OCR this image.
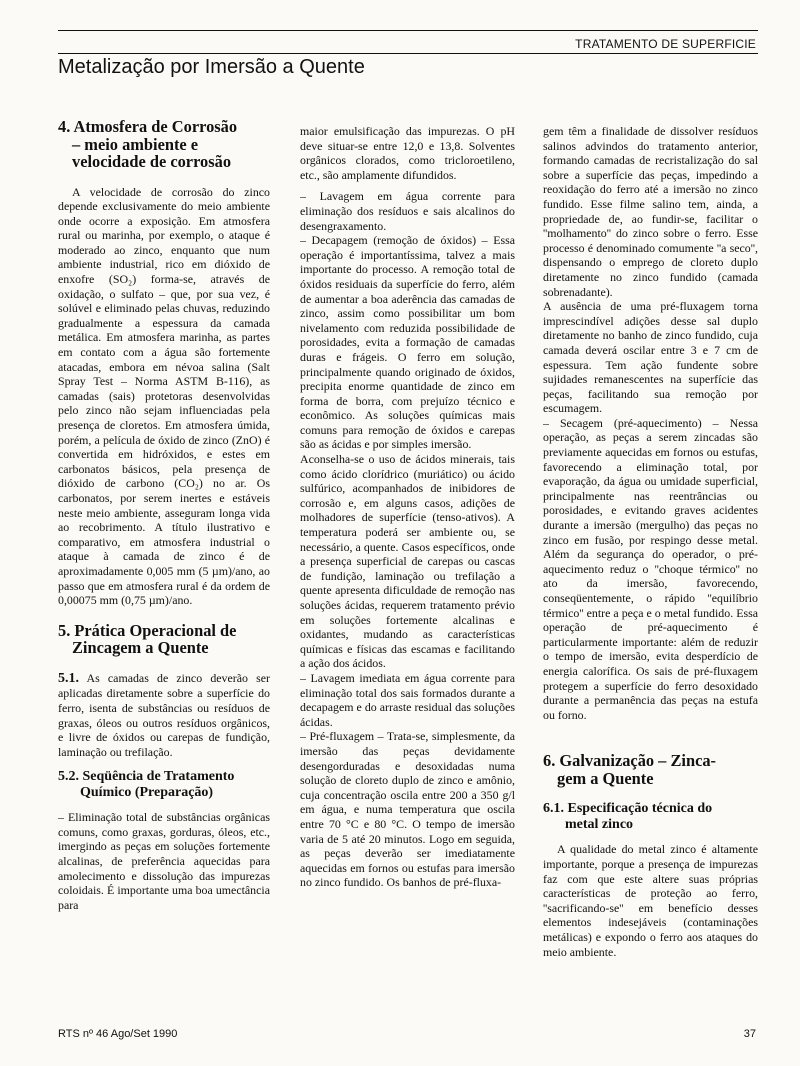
TRATAMENTO DE SUPERFICIE
Metalização por Imersão a Quente
4. Atmosfera de Corrosão
– meio ambiente e
velocidade de corrosão

A velocidade de corrosão do zinco depende exclusivamente do meio ambiente onde ocorre a exposição. Em atmosfera rural ou marinha, por exemplo, o ataque é moderado ao zinco, enquanto que num ambiente industrial, rico em dióxido de enxofre (SO₂) forma-se, através de oxidação, o sulfato – que, por sua vez, é solúvel e eliminado pelas chuvas, reduzindo gradualmente a espessura da camada metálica. Em atmosfera marinha, as partes em contato com a água são fortemente atacadas, embora em névoa salina (Salt Spray Test – Norma ASTM B-116), as camadas (sais) protetoras desenvolvidas pelo zinco não sejam influenciadas pela presença de cloretos. Em atmosfera úmida, porém, a película de óxido de zinco (ZnO) é convertida em hidróxidos, e estes em carbonatos básicos, pela presença de dióxido de carbono (CO₂) no ar. Os carbonatos, por serem inertes e estáveis neste meio ambiente, asseguram longa vida ao recobrimento. A título ilustrativo e comparativo, em atmosfera industrial o ataque à camada de zinco é de aproximadamente 0,005 mm (5 µm)/ano, ao passo que em atmosfera rural é da ordem de 0,00075 mm (0,75 µm)/ano.

5. Prática Operacional de
Zincagem a Quente

5.1. As camadas de zinco deverão ser aplicadas diretamente sobre a superfície do ferro, isenta de substâncias ou resíduos de graxas, óleos ou outros resíduos orgânicos, e livre de óxidos ou carepas de fundição, laminação ou trefilação.

5.2. Seqüência de Tratamento
Químico (Preparação)

– Eliminação total de substâncias orgânicas comuns, como graxas, gorduras, óleos, etc., imergindo as peças em soluções fortemente alcalinas, de preferência aquecidas para amolecimento e dissolução das impurezas coloidais. É importante uma boa umectância para

maior emulsificação das impurezas. O pH deve situar-se entre 12,0 e 13,8. Solventes orgânicos clorados, como tricloroetileno, etc., são amplamente difundidos.

– Lavagem em água corrente para eliminação dos resíduos e sais alcalinos do desengraxamento.

– Decapagem (remoção de óxidos) – Essa operação é importantíssima, talvez a mais importante do processo. A remoção total de óxidos residuais da superfície do ferro, além de aumentar a boa aderência das camadas de zinco, assim como possibilitar um bom nivelamento com reduzida possibilidade de porosidades, evita a formação de camadas duras e frágeis. O ferro em solução, principalmente quando originado de óxidos, precipita enorme quantidade de zinco em forma de borra, com prejuízo técnico e econômico. As soluções químicas mais comuns para remoção de óxidos e carepas são as ácidas e por simples imersão.

Aconselha-se o uso de ácidos minerais, tais como ácido clorídrico (muriático) ou ácido sulfúrico, acompanhados de inibidores de corrosão e, em alguns casos, adições de molhadores de superfície (tenso-ativos). A temperatura poderá ser ambiente ou, se necessário, a quente. Casos específicos, onde a presença superficial de carepas ou cascas de fundição, laminação ou trefilação a quente apresenta dificuldade de remoção nas soluções ácidas, requerem tratamento prévio em soluções fortemente alcalinas e oxidantes, mudando as características químicas e físicas das escamas e facilitando a ação dos ácidos.

– Lavagem imediata em água corrente para eliminação total dos sais formados durante a decapagem e do arraste residual das soluções ácidas.

– Pré-fluxagem – Trata-se, simplesmente, da imersão das peças devidamente desengorduradas e desoxidadas numa solução de cloreto duplo de zinco e amônio, cuja concentração oscila entre 200 a 350 g/l em água, e numa temperatura que oscila entre 70 °C e 80 °C. O tempo de imersão varia de 5 até 20 minutos. Logo em seguida, as peças deverão ser imediatamente aquecidas em fornos ou estufas para imersão no zinco fundido. Os banhos de pré-fluxa-

gem têm a finalidade de dissolver resíduos salinos advindos do tratamento anterior, formando camadas de recristalização do sal sobre a superfície das peças, impedindo a reoxidação do ferro até a imersão no zinco fundido. Esse filme salino tem, ainda, a propriedade de, ao fundir-se, facilitar o ''molhamento'' do zinco sobre o ferro. Esse processo é denominado comumente ''a seco'', dispensando o emprego de cloreto duplo diretamente no zinco fundido (camada sobrenadante).

A ausência de uma pré-fluxagem torna imprescindível adições desse sal duplo diretamente no banho de zinco fundido, cuja camada deverá oscilar entre 3 e 7 cm de espessura. Tem ação fundente sobre sujidades remanescentes na superfície das peças, facilitando sua remoção por escumagem.

– Secagem (pré-aquecimento) – Nessa operação, as peças a serem zincadas são previamente aquecidas em fornos ou estufas, favorecendo a eliminação total, por evaporação, da água ou umidade superficial, principalmente nas reentrâncias ou porosidades, e evitando graves acidentes durante a imersão (mergulho) das peças no zinco em fusão, por respingo desse metal. Além da segurança do operador, o pré-aquecimento reduz o ''choque térmico'' no ato da imersão, favorecendo, conseqüentemente, o rápido ''equilíbrio térmico'' entre a peça e o metal fundido. Essa operação de pré-aquecimento é particularmente importante: além de reduzir o tempo de imersão, evita desperdício de energia calorífica. Os sais de pré-fluxagem protegem a superfície do ferro desoxidado durante a permanência das peças na estufa ou forno.

6. Galvanização – Zinca-
gem a Quente
6.1. Especificação técnica do
metal zinco

A qualidade do metal zinco é altamente importante, porque a presença de impurezas faz com que este altere suas próprias características de proteção ao ferro, ''sacrificando-se'' em benefício desses elementos indesejáveis (contaminações metálicas) e expondo o ferro aos ataques do meio ambiente.

RTS nº 46 Ago/Set 1990	37
